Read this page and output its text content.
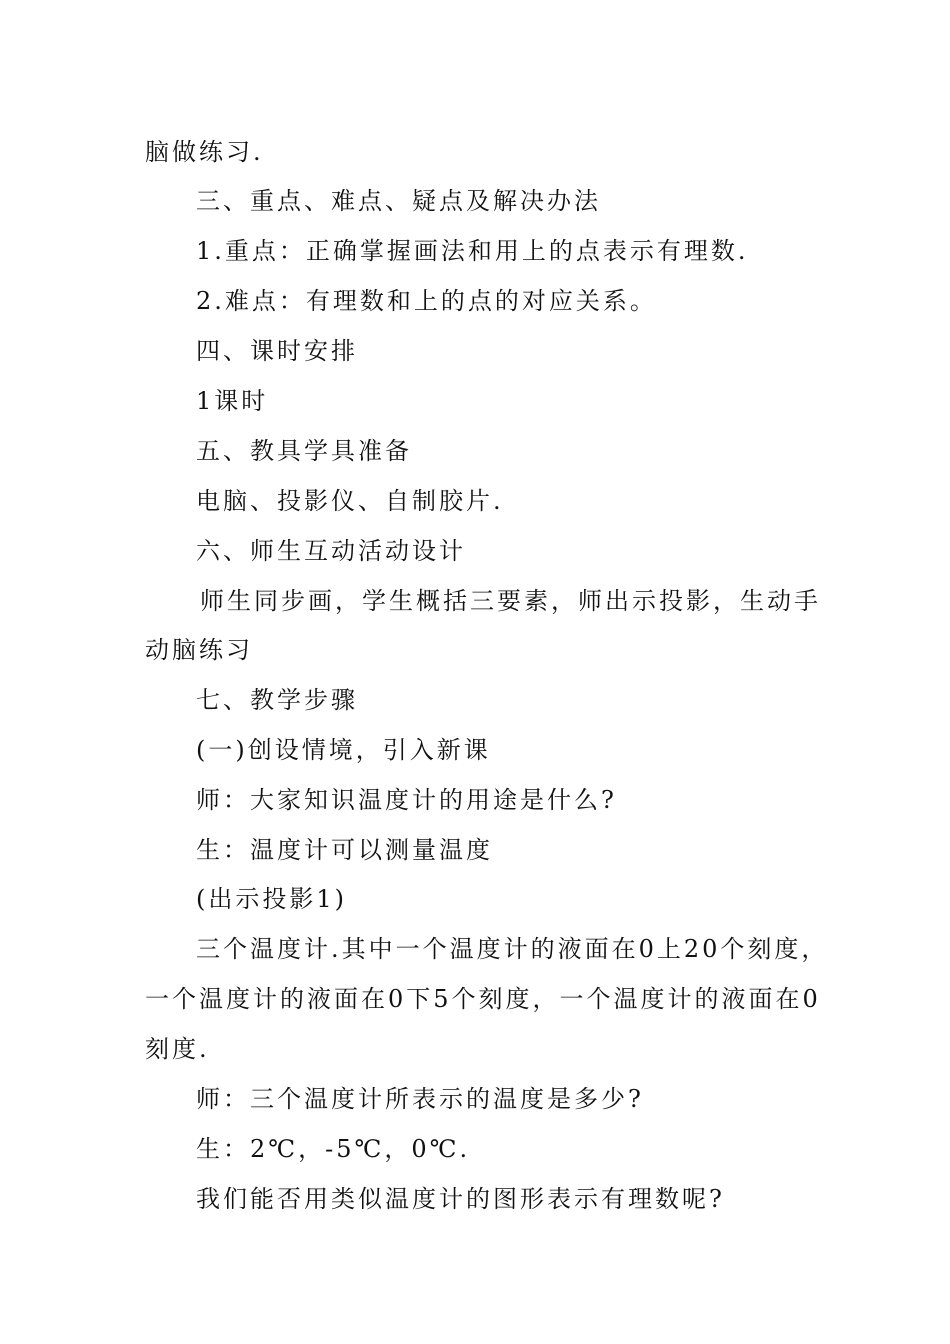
脑做练习.
三、重点、难点、疑点及解决办法
1.重点：正确掌握画法和用上的点表示有理数.
2.难点：有理数和上的点的对应关系。
四、课时安排
1课时
五、教具学具准备
电脑、投影仪、自制胶片.
六、师生互动活动设计
师生同步画，学生概括三要素，师出示投影，生动手
动脑练习
七、教学步骤
(一)创设情境，引入新课
师：大家知识温度计的用途是什么?
生：温度计可以测量温度
(出示投影1)
三个温度计.其中一个温度计的液面在0上20个刻度，
一个温度计的液面在0下5个刻度，一个温度计的液面在0
刻度.
师：三个温度计所表示的温度是多少?
生：2℃，-5℃，0℃.
我们能否用类似温度计的图形表示有理数呢?
